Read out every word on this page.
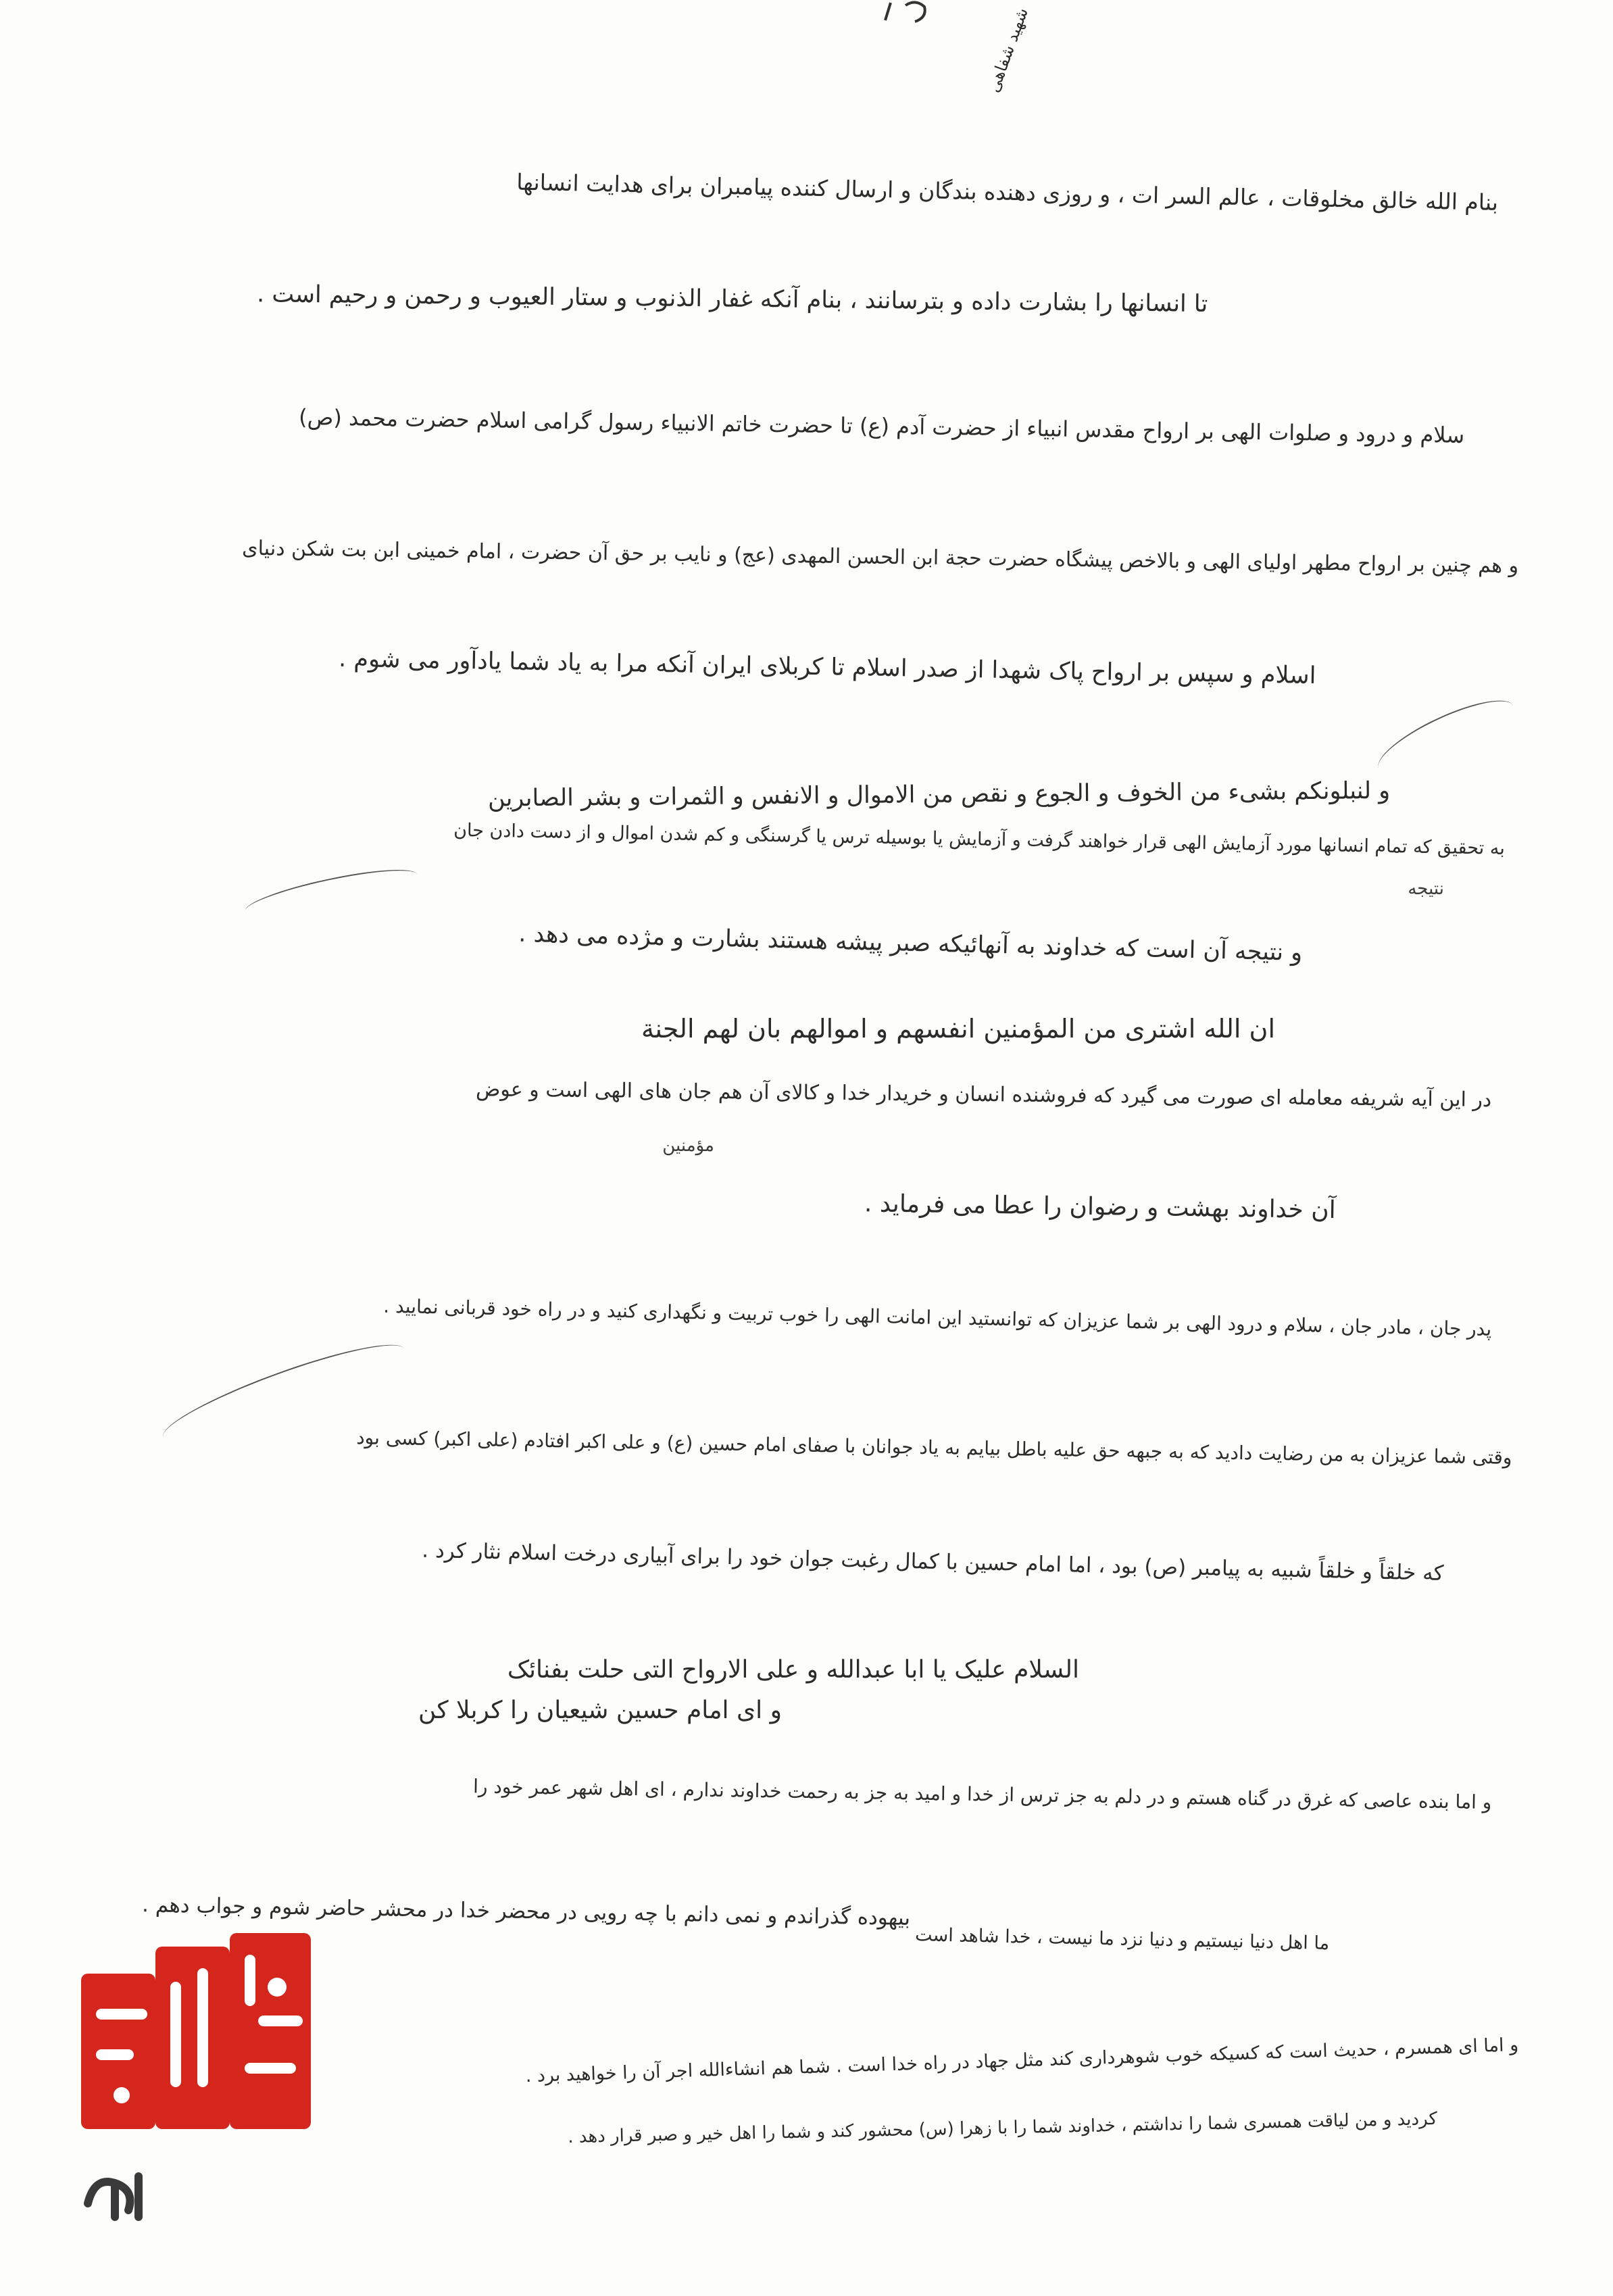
شهید شفاهی
بنام الله خالق مخلوقات ، عالم السر ات ، و روزی دهنده بندگان و ارسال کننده پیامبران برای هدایت انسانها
تا انسانها را بشارت داده و بترسانند ، بنام آنکه غفار الذنوب و ستار العیوب و رحمن و رحیم است .
سلام و درود و صلوات الهی بر ارواح مقدس انبیاء از حضرت آدم (ع) تا حضرت خاتم الانبیاء رسول گرامی اسلام حضرت محمد (ص)
و هم چنین بر ارواح مطهر اولیای الهی و بالاخص پیشگاه حضرت حجة ابن الحسن المهدی (عج) و نایب بر حق آن حضرت ، امام خمینی ابن بت شکن دنیای
اسلام و سپس بر ارواح پاک شهدا از صدر اسلام تا کربلای ایران آنکه مرا به یاد شما یادآور می شوم .
و لنبلونکم بشیء من الخوف و الجوع و نقص من الاموال و الانفس و الثمرات و بشر الصابرین
به تحقیق که تمام انسانها مورد آزمایش الهی قرار خواهند گرفت و آزمایش یا بوسیله ترس یا گرسنگی و کم شدن اموال و از دست دادن جان
نتیجه
و نتیجه آن است که خداوند به آنهائیکه صبر پیشه هستند بشارت و مژده می دهد .
ان الله اشتری من المؤمنین انفسهم و اموالهم بان لهم الجنة
در این آیه شریفه معامله ای صورت می گیرد که فروشنده انسان و خریدار خدا و کالای آن هم جان های الهی است و عوض
مؤمنین
آن خداوند بهشت و رضوان را عطا می فرماید .
پدر جان ، مادر جان ، سلام و درود الهی بر شما عزیزان که توانستید این امانت الهی را خوب تربیت و نگهداری کنید و در راه خود قربانی نمایید .
وقتی شما عزیزان به من رضایت دادید که به جبهه حق علیه باطل بیایم به یاد جوانان با صفای امام حسین (ع) و علی اکبر افتادم (علی اکبر) کسی بود
که خلقاً و خلقاً شبیه به پیامبر (ص) بود ، اما امام حسین با کمال رغبت جوان خود را برای آبیاری درخت اسلام نثار کرد .
السلام علیک یا ابا عبدالله و علی الارواح التی حلت بفنائک
و ای امام حسین شیعیان را کربلا کن
و اما بنده عاصی که غرق در گناه هستم و در دلم به جز ترس از خدا و امید به جز به رحمت خداوند ندارم ، ای اهل شهر عمر خود را
بیهوده گذراندم و نمی دانم با چه رویی در محضر خدا در محشر حاضر شوم و جواب دهم .
ما اهل دنیا نیستیم و دنیا نزد ما نیست ، خدا شاهد است
و اما ای همسرم ، حدیث است که کسیکه خوب شوهرداری کند مثل جهاد در راه خدا است . شما هم انشاءالله اجر آن را خواهید برد .
کردید و من لیاقت همسری شما را نداشتم ، خداوند شما را با زهرا (س) محشور کند و شما را اهل خیر و صبر قرار دهد .
